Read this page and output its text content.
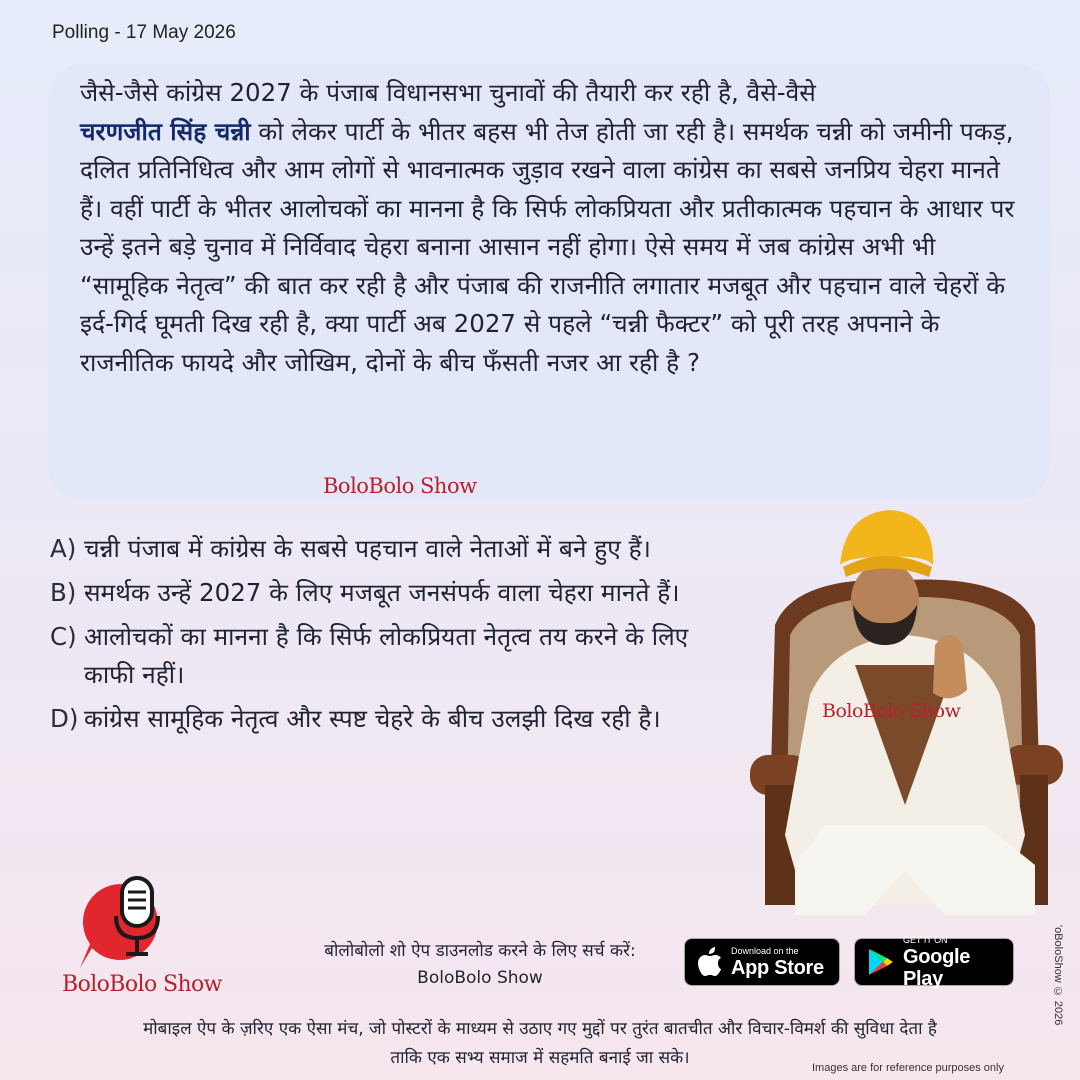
Polling - 17 May 2026

जैसे-जैसे कांग्रेस 2027 के पंजाब विधानसभा चुनावों की तैयारी कर रही है, वैसे-वैसे
चरणजीत सिंह चन्नी को लेकर पार्टी के भीतर बहस भी तेज होती जा रही है। समर्थक चन्नी को जमीनी पकड़, दलित प्रतिनिधित्व और आम लोगों से भावनात्मक जुड़ाव रखने वाला कांग्रेस का सबसे जनप्रिय चेहरा मानते हैं। वहीं पार्टी के भीतर आलोचकों का मानना है कि सिर्फ लोकप्रियता और प्रतीकात्मक पहचान के आधार पर उन्हें इतने बड़े चुनाव में निर्विवाद चेहरा बनाना आसान नहीं होगा। ऐसे समय में जब कांग्रेस अभी भी “सामूहिक नेतृत्व” की बात कर रही है और पंजाब की राजनीति लगातार मजबूत और पहचान वाले चेहरों के इर्द-गिर्द घूमती दिख रही है, क्या पार्टी अब 2027 से पहले “चन्नी फैक्टर” को पूरी तरह अपनाने के राजनीतिक फायदे और जोखिम, दोनों के बीच फँसती नजर आ रही है ?

BoloBolo Show
A) चन्नी पंजाब में कांग्रेस के सबसे पहचान वाले नेताओं में बने हुए हैं।
B) समर्थक उन्हें 2027 के लिए मजबूत जनसंपर्क वाला चेहरा मानते हैं।
C) आलोचकों का मानना है कि सिर्फ लोकप्रियता नेतृत्व तय करने के लिए काफी नहीं।
D) कांग्रेस सामूहिक नेतृत्व और स्पष्ट चेहरे के बीच उलझी दिख रही है।	BoloBolo Show
BoloBolo Show
बोलोबोलो शो ऐप डाउनलोड करने के लिए सर्च करें:
BoloBolo Show
Download on the
App Store
GET IT ON
Google Play
मोबाइल ऐप के ज़रिए एक ऐसा मंच, जो पोस्टरों के माध्यम से उठाए गए मुद्दों पर तुरंत बातचीत और विचार-विमर्श की सुविधा देता है
ताकि एक सभ्य समाज में सहमति बनाई जा सके।
'oBoloShow © 2026
Images are for reference purposes only
